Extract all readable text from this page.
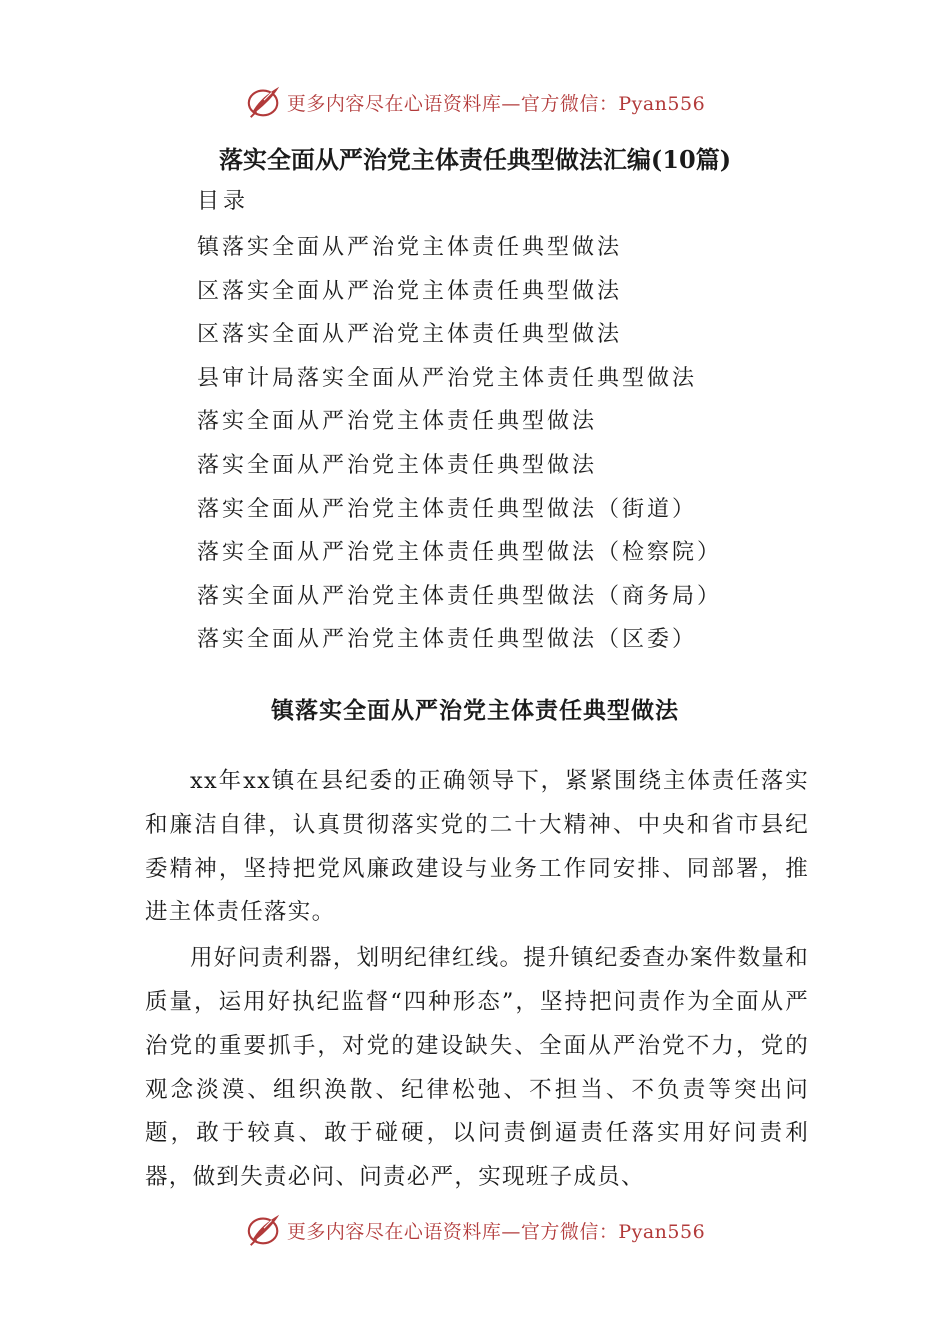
更多内容尽在心语资料库—官方微信：Pyan556
落实全面从严治党主体责任典型做法汇编(10篇)
目录
镇落实全面从严治党主体责任典型做法
区落实全面从严治党主体责任典型做法
区落实全面从严治党主体责任典型做法
县审计局落实全面从严治党主体责任典型做法
落实全面从严治党主体责任典型做法
落实全面从严治党主体责任典型做法
落实全面从严治党主体责任典型做法（街道）
落实全面从严治党主体责任典型做法（检察院）
落实全面从严治党主体责任典型做法（商务局）
落实全面从严治党主体责任典型做法（区委）
镇落实全面从严治党主体责任典型做法

xx年xx镇在县纪委的正确领导下，紧紧围绕主体责任落实和廉洁自律，认真贯彻落实党的二十大精神、中央和省市县纪委精神，坚持把党风廉政建设与业务工作同安排、同部署，推进主体责任落实。

用好问责利器，划明纪律红线。提升镇纪委查办案件数量和质量，运用好执纪监督“四种形态”，坚持把问责作为全面从严治党的重要抓手，对党的建设缺失、全面从严治党不力，党的观念淡漠、组织涣散、纪律松弛、不担当、不负责等突出问题，敢于较真、敢于碰硬，以问责倒逼责任落实用好问责利器，做到失责必问、问责必严，实现班子成员、

更多内容尽在心语资料库—官方微信：Pyan556
